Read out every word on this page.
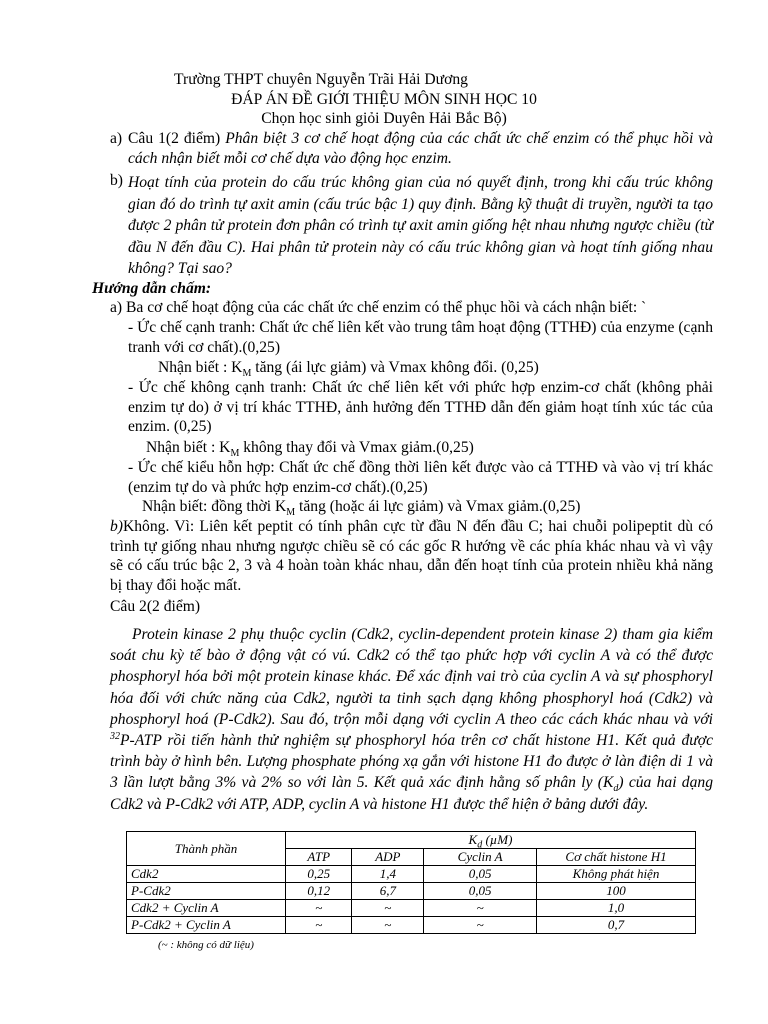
Trường THPT chuyên Nguyễn Trãi Hải Dương
ĐÁP ÁN ĐỀ GIỚI THIỆU MÔN SINH HỌC 10
Chọn học sinh giỏi Duyên Hải Bắc Bộ)
a) Câu 1(2 điểm) Phân biệt 3 cơ chế hoạt động của các chất ức chế enzim có thể phục hồi và cách nhận biết mỗi cơ chế dựa vào động học enzim.
b) Hoạt tính của protein do cấu trúc không gian của nó quyết định, trong khi cấu trúc không gian đó do trình tự axit amin (cấu trúc bậc 1) quy định. Bằng kỹ thuật di truyền, người ta tạo được 2 phân tử protein đơn phân có trình tự axit amin giống hệt nhau nhưng ngược chiều (từ đầu N đến đầu C). Hai phân tử protein này có cấu trúc không gian và hoạt tính giống nhau không? Tại sao?
Hướng dẫn chấm:
a) Ba cơ chế hoạt động của các chất ức chế enzim có thể phục hồi và cách nhận biết: `
- Ức chế cạnh tranh: Chất ức chế liên kết vào trung tâm hoạt động (TTHĐ) của enzyme (cạnh tranh với cơ chất).(0,25)
Nhận biết : $K_M$ tăng (ái lực giảm) và Vmax không đổi. (0,25)
- Ức chế không cạnh tranh: Chất ức chế liên kết với phức hợp enzim-cơ chất (không phải enzim tự do) ở vị trí khác TTHĐ, ảnh hưởng đến TTHĐ dẫn đến giảm hoạt tính xúc tác của enzim. (0,25)
Nhận biết : $K_M$ không thay đổi và Vmax giảm.(0,25)
- Ức chế kiểu hỗn hợp: Chất ức chế đồng thời liên kết được vào cả TTHĐ và vào vị trí khác (enzim tự do và phức hợp enzim-cơ chất).(0,25)
Nhận biết: đồng thời $K_M$ tăng (hoặc ái lực giảm) và Vmax giảm.(0,25)
b)Không. Vì: Liên kết peptit có tính phân cực từ đầu N đến đầu C; hai chuỗi polipeptit dù có trình tự giống nhau nhưng ngược chiều sẽ có các gốc R hướng về các phía khác nhau và vì vậy sẽ có cấu trúc bậc 2, 3 và 4 hoàn toàn khác nhau, dẫn đến hoạt tính của protein nhiều khả năng bị thay đổi hoặc mất.
Câu 2(2 điểm)
Protein kinase 2 phụ thuộc cyclin (Cdk2, cyclin-dependent protein kinase 2) tham gia kiểm soát chu kỳ tế bào ở động vật có vú. Cdk2 có thể tạo phức hợp với cyclin A và có thể được phosphoryl hóa bởi một protein kinase khác. Để xác định vai trò của cyclin A và sự phosphoryl hóa đối với chức năng của Cdk2, người ta tinh sạch dạng không phosphoryl hoá (Cdk2) và phosphoryl hoá (P-Cdk2). Sau đó, trộn mỗi dạng với cyclin A theo các cách khác nhau và với $^{32}$P-ATP rồi tiến hành thử nghiệm sự phosphoryl hóa trên cơ chất histone H1. Kết quả được trình bày ở hình bên. Lượng phosphate phóng xạ gắn với histone H1 đo được ở làn điện di 1 và 3 lần lượt bằng 3% và 2% so với làn 5. Kết quả xác định hằng số phân ly $(K_d)$ của hai dạng Cdk2 và P-Cdk2 với ATP, ADP, cyclin A và histone H1 được thể hiện ở bảng dưới đây.
Thành phần	$K_d$ (µM)			
	ATP	ADP	Cyclin A	Cơ chất histone H1
Cdk2	0,25	1,4	0,05	Không phát hiện
P-Cdk2	0,12	6,7	0,05	100
Cdk2 + Cyclin A	~	~	~	1,0
P-Cdk2 + Cyclin A	~	~	~	0,7
(~ : không có dữ liệu)
